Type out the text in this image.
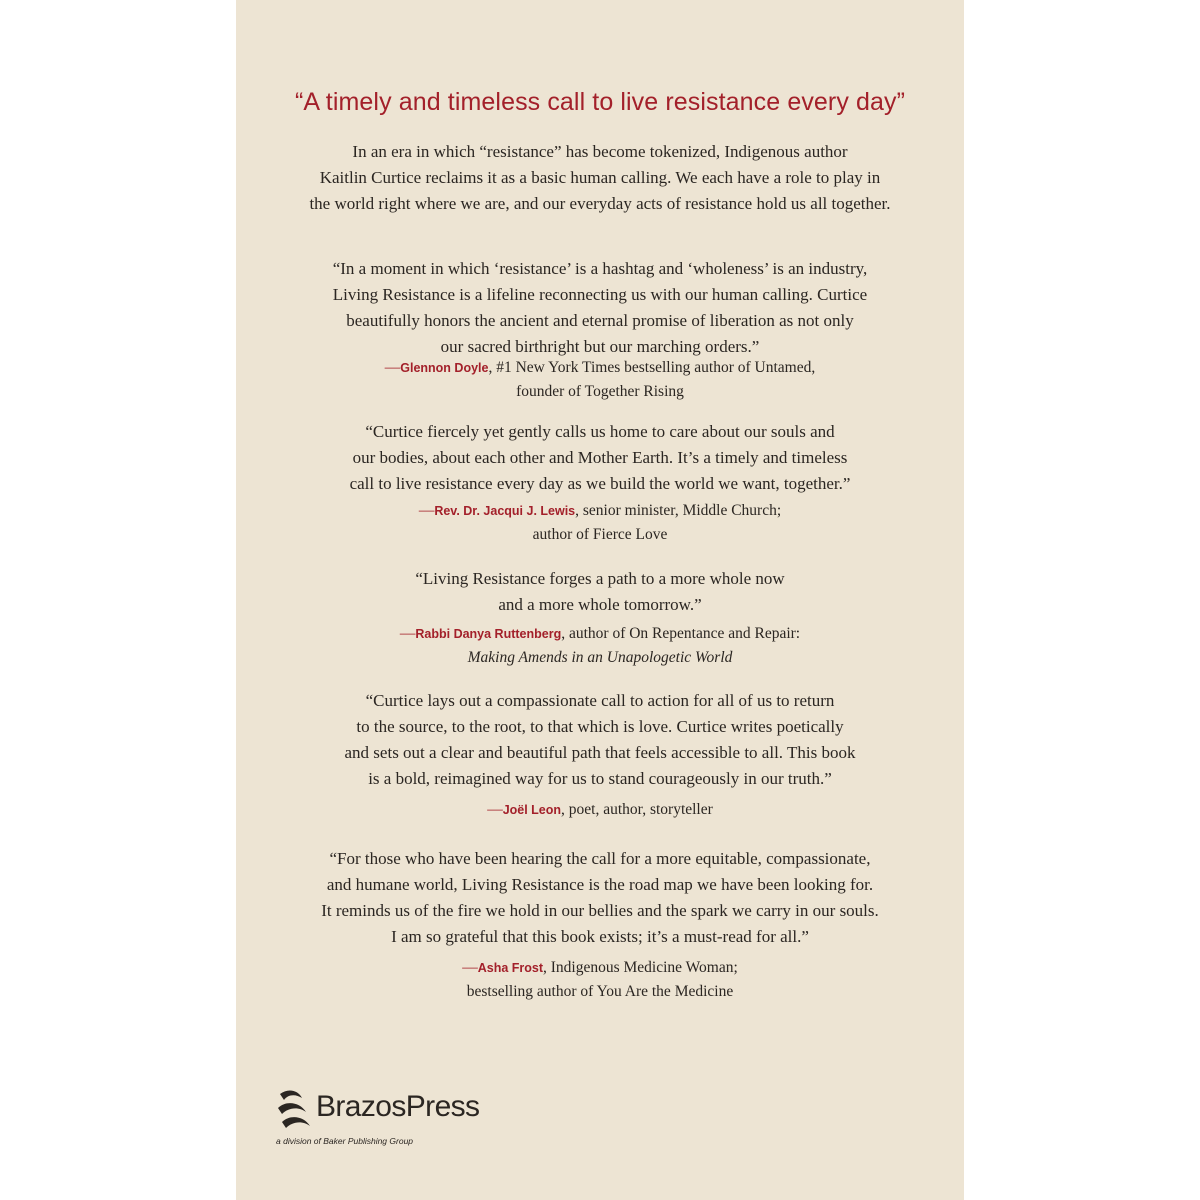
“A timely and timeless call to live resistance every day”
In an era in which “resistance” has become tokenized, Indigenous author
Kaitlin Curtice reclaims it as a basic human calling. We each have a role to play in
the world right where we are, and our everyday acts of resistance hold us all together.
“In a moment in which ‘resistance’ is a hashtag and ‘wholeness’ is an industry,
Living Resistance is a lifeline reconnecting us with our human calling. Curtice
beautifully honors the ancient and eternal promise of liberation as not only
our sacred birthright but our marching orders.”
—Glennon Doyle, #1 New York Times bestselling author of Untamed,
founder of Together Rising
“Curtice fiercely yet gently calls us home to care about our souls and
our bodies, about each other and Mother Earth. It’s a timely and timeless
call to live resistance every day as we build the world we want, together.”
—Rev. Dr. Jacqui J. Lewis, senior minister, Middle Church;
author of Fierce Love
“Living Resistance forges a path to a more whole now
and a more whole tomorrow.”
—Rabbi Danya Ruttenberg, author of On Repentance and Repair:
Making Amends in an Unapologetic World
“Curtice lays out a compassionate call to action for all of us to return
to the source, to the root, to that which is love. Curtice writes poetically
and sets out a clear and beautiful path that feels accessible to all. This book
is a bold, reimagined way for us to stand courageously in our truth.”
—Joël Leon, poet, author, storyteller
“For those who have been hearing the call for a more equitable, compassionate,
and humane world, Living Resistance is the road map we have been looking for.
It reminds us of the fire we hold in our bellies and the spark we carry in our souls.
I am so grateful that this book exists; it’s a must-read for all.”
—Asha Frost, Indigenous Medicine Woman;
bestselling author of You Are the Medicine
BrazosPress
a division of Baker Publishing Group
